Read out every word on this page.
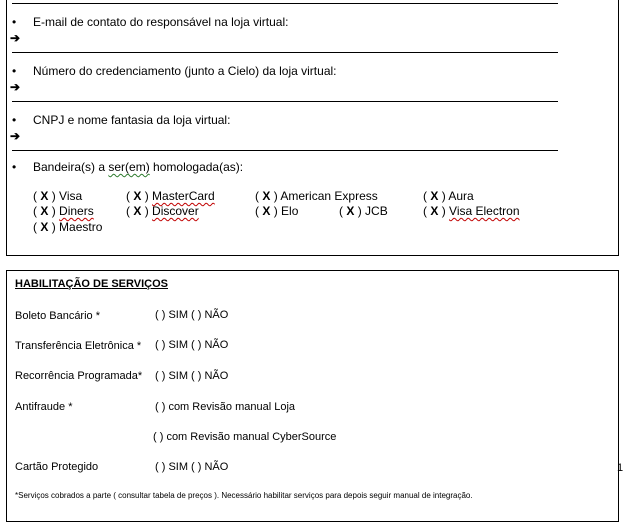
• E-mail de contato do responsável na loja virtual:
➔
• Número do credenciamento (junto a Cielo) da loja virtual:
➔
• CNPJ e nome fantasia da loja virtual:
➔
• Bandeira(s) a ser(em) homologada(as):
( X ) Visa	( X ) MasterCard	( X ) American Express	( X ) Aura
( X ) Diners	( X ) Discover	( X ) Elo	( X ) JCB	( X ) Visa Electron
( X ) Maestro
HABILITAÇÃO DE SERVIÇOS
Boleto Bancário *	( ) SIM ( ) NÃO
Transferência Eletrônica * ( ) SIM ( ) NÃO
Recorrência Programada* ( ) SIM ( ) NÃO
Antifraude *	( ) com Revisão manual Loja
( ) com Revisão manual CyberSource
Cartão Protegido	( ) SIM ( ) NÃO
*Serviços cobrados a parte ( consultar tabela de preços ). Necessário habilitar serviços para depois seguir manual de integração.
1
